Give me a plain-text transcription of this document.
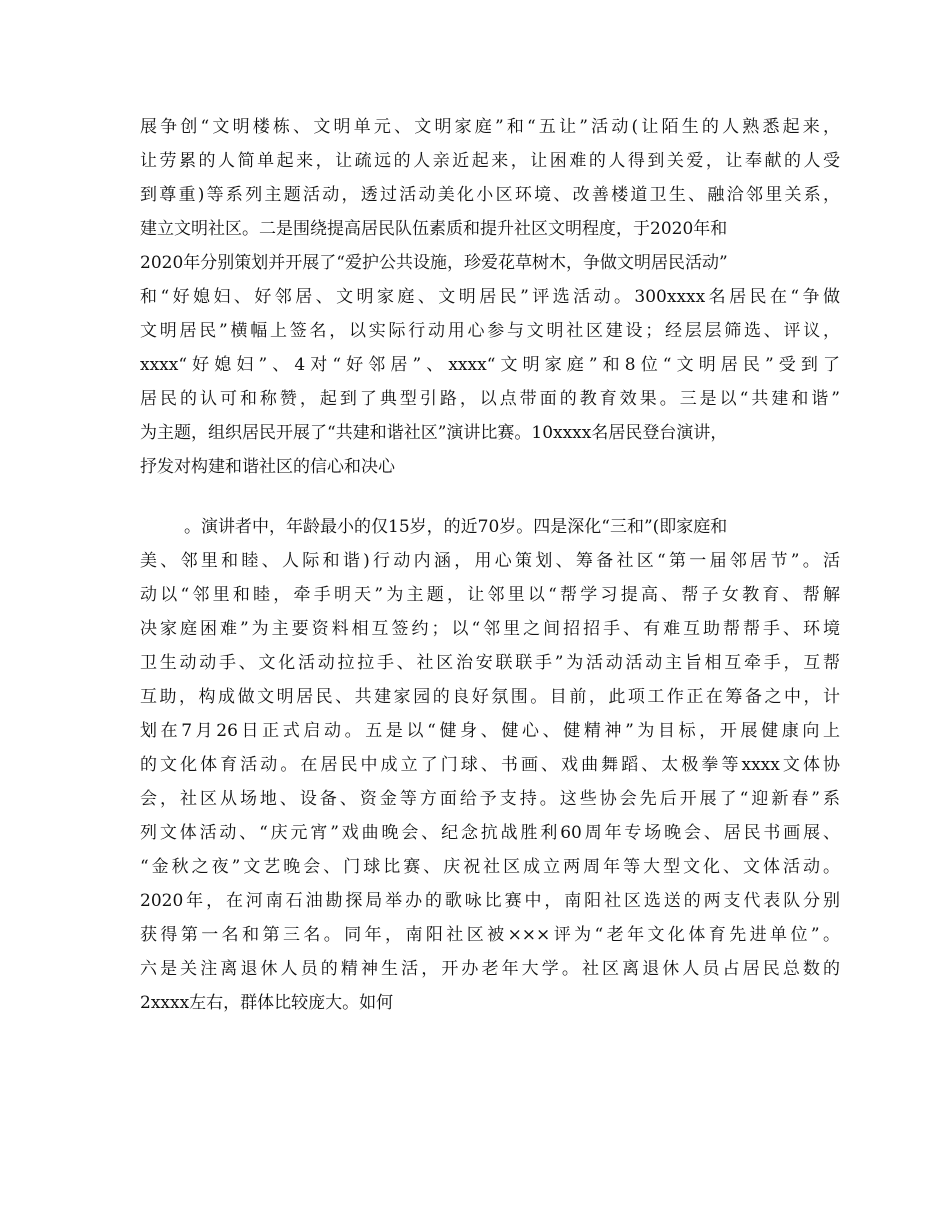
展争创“文明楼栋、文明单元、文明家庭”和“五让”活动(让陌生的人熟悉起来，
让劳累的人简单起来，让疏远的人亲近起来，让困难的人得到关爱，让奉献的人受
到尊重)等系列主题活动，透过活动美化小区环境、改善楼道卫生、融洽邻里关系，
建立文明社区。二是围绕提高居民队伍素质和提升社区文明程度，于2020年和
2020年分别策划并开展了“爱护公共设施，珍爱花草树木，争做文明居民活动”
和“好媳妇、好邻居、文明家庭、文明居民”评选活动。300xxxx名居民在“争做
文明居民”横幅上签名，以实际行动用心参与文明社区建设；经层层筛选、评议，
xxxx“好媳妇”、4对“好邻居”、xxxx“文明家庭”和8位“文明居民”受到了
居民的认可和称赞，起到了典型引路，以点带面的教育效果。三是以“共建和谐”
为主题，组织居民开展了“共建和谐社区”演讲比赛。10xxxx名居民登台演讲，
抒发对构建和谐社区的信心和决心
。演讲者中，年龄最小的仅15岁，的近70岁。四是深化“三和”(即家庭和
美、邻里和睦、人际和谐)行动内涵，用心策划、筹备社区“第一届邻居节”。活
动以“邻里和睦，牵手明天”为主题，让邻里以“帮学习提高、帮子女教育、帮解
决家庭困难”为主要资料相互签约；以“邻里之间招招手、有难互助帮帮手、环境
卫生动动手、文化活动拉拉手、社区治安联联手”为活动活动主旨相互牵手，互帮
互助，构成做文明居民、共建家园的良好氛围。目前，此项工作正在筹备之中，计
划在7月26日正式启动。五是以“健身、健心、健精神”为目标，开展健康向上
的文化体育活动。在居民中成立了门球、书画、戏曲舞蹈、太极拳等xxxx文体协
会，社区从场地、设备、资金等方面给予支持。这些协会先后开展了“迎新春”系
列文体活动、“庆元宵”戏曲晚会、纪念抗战胜利60周年专场晚会、居民书画展、
“金秋之夜”文艺晚会、门球比赛、庆祝社区成立两周年等大型文化、文体活动。
2020年，在河南石油勘探局举办的歌咏比赛中，南阳社区选送的两支代表队分别
获得第一名和第三名。同年，南阳社区被×××评为“老年文化体育先进单位”。
六是关注离退休人员的精神生活，开办老年大学。社区离退休人员占居民总数的
2xxxx左右，群体比较庞大。如何
